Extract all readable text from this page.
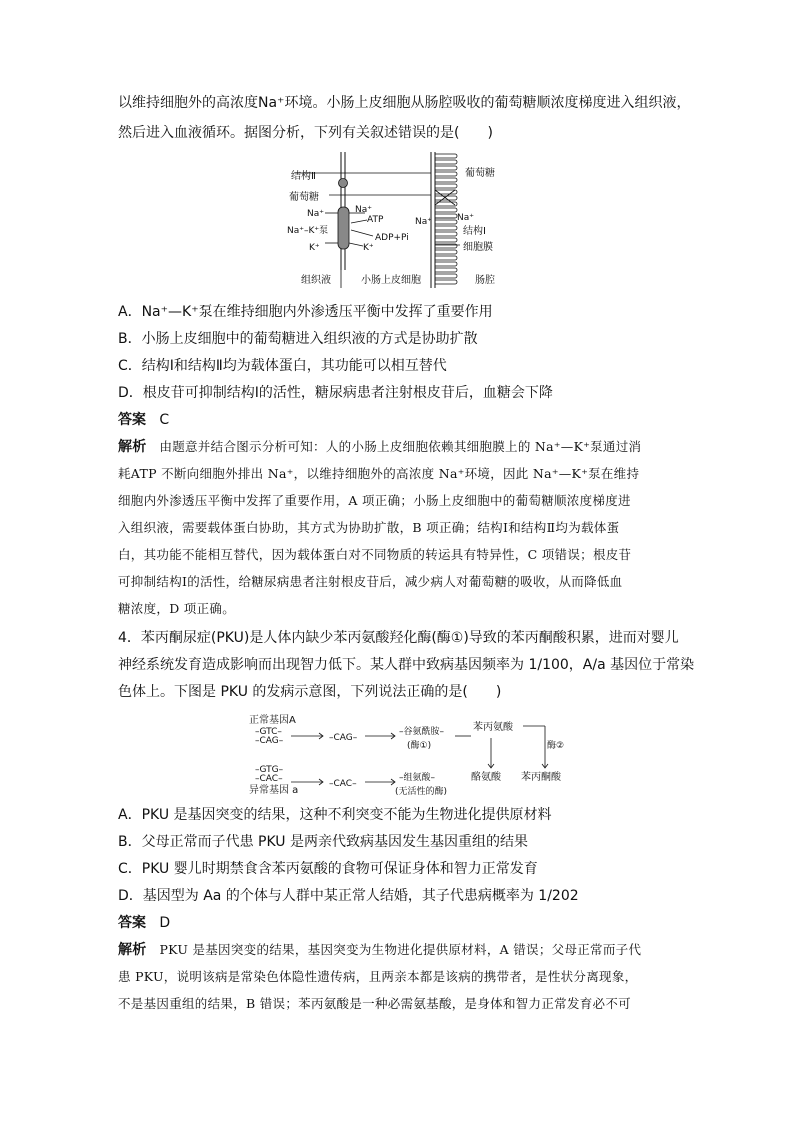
以维持细胞外的高浓度Na⁺环境。小肠上皮细胞从肠腔吸收的葡萄糖顺浓度梯度进入组织液，
然后进入血液循环。据图分析，下列有关叙述错误的是(　　)
结构Ⅱ
葡萄糖
Na⁺
Na⁺–K⁺泵
K⁺
Na⁺
ATP
ADP+Pi
K⁺
葡萄糖
Na⁺	Na⁺
结构Ⅰ
细胞膜
组织液	小肠上皮细胞	肠腔
A．Na⁺—K⁺泵在维持细胞内外渗透压平衡中发挥了重要作用
B．小肠上皮细胞中的葡萄糖进入组织液的方式是协助扩散
C．结构Ⅰ和结构Ⅱ均为载体蛋白，其功能可以相互替代
D．根皮苷可抑制结构Ⅰ的活性，糖尿病患者注射根皮苷后，血糖会下降
答案 C
解析 由题意并结合图示分析可知：人的小肠上皮细胞依赖其细胞膜上的 Na⁺—K⁺泵通过消
耗ATP 不断向细胞外排出 Na⁺，以维持细胞外的高浓度 Na⁺环境，因此 Na⁺—K⁺泵在维持
细胞内外渗透压平衡中发挥了重要作用，A 项正确；小肠上皮细胞中的葡萄糖顺浓度梯度进
入组织液，需要载体蛋白协助，其方式为协助扩散，B 项正确；结构Ⅰ和结构Ⅱ均为载体蛋
白，其功能不能相互替代，因为载体蛋白对不同物质的转运具有特异性，C 项错误；根皮苷
可抑制结构Ⅰ的活性，给糖尿病患者注射根皮苷后，减少病人对葡萄糖的吸收，从而降低血
糖浓度，D 项正确。
4．苯丙酮尿症(PKU)是人体内缺少苯丙氨酸羟化酶(酶①)导致的苯丙酮酸积累，进而对婴儿
神经系统发育造成影响而出现智力低下。某人群中致病基因频率为 1/100，A/a 基因位于常染
色体上。下图是 PKU 的发病示意图，下列说法正确的是(　　)
正常基因A
–GTC–
–CAG–	–CAG–
–谷氨酰胺–
(酶①)
苯丙氨酸
酪氨酸 苯丙酮酸
酶②
–GTG–
–CAC–
异常基因 a
–CAC–
–组氨酸–
(无活性的酶)
A．PKU 是基因突变的结果，这种不利突变不能为生物进化提供原材料
B．父母正常而子代患 PKU 是两亲代致病基因发生基因重组的结果
C．PKU 婴儿时期禁食含苯丙氨酸的食物可保证身体和智力正常发育
D．基因型为 Aa 的个体与人群中某正常人结婚，其子代患病概率为 1/202
答案 D
解析 PKU 是基因突变的结果，基因突变为生物进化提供原材料，A 错误；父母正常而子代
患 PKU，说明该病是常染色体隐性遗传病，且两亲本都是该病的携带者，是性状分离现象，
不是基因重组的结果，B 错误；苯丙氨酸是一种必需氨基酸，是身体和智力正常发育必不可
